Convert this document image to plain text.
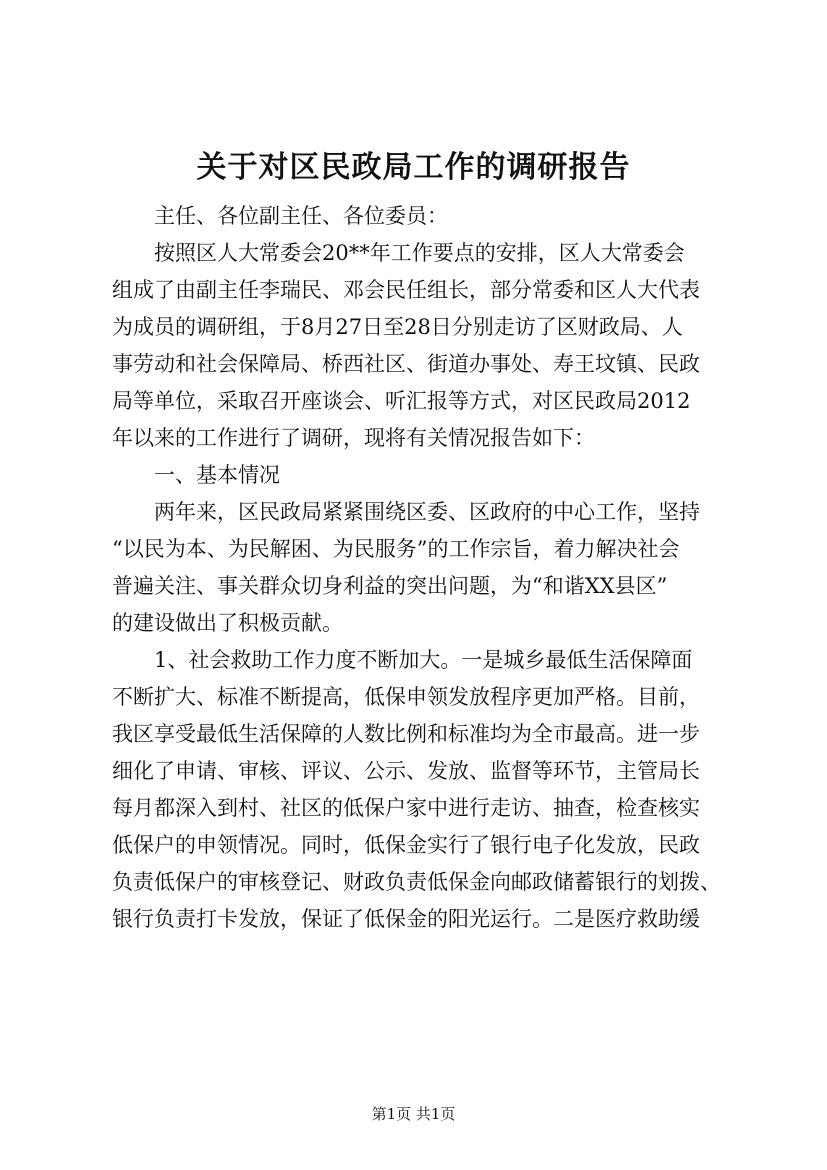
关于对区民政局工作的调研报告
主任、各位副主任、各位委员：
按照区人大常委会20**年工作要点的安排，区人大常委会
组成了由副主任李瑞民、邓会民任组长，部分常委和区人大代表
为成员的调研组，于8月27日至28日分别走访了区财政局、人
事劳动和社会保障局、桥西社区、街道办事处、寿王坟镇、民政
局等单位，采取召开座谈会、听汇报等方式，对区民政局2012
年以来的工作进行了调研，现将有关情况报告如下：
一、基本情况
两年来，区民政局紧紧围绕区委、区政府的中心工作，坚持
“以民为本、为民解困、为民服务”的工作宗旨，着力解决社会
普遍关注、事关群众切身利益的突出问题，为“和谐XX县区”
的建设做出了积极贡献。
1、社会救助工作力度不断加大。一是城乡最低生活保障面
不断扩大、标准不断提高，低保申领发放程序更加严格。目前，
我区享受最低生活保障的人数比例和标准均为全市最高。进一步
细化了申请、审核、评议、公示、发放、监督等环节，主管局长
每月都深入到村、社区的低保户家中进行走访、抽查，检查核实
低保户的申领情况。同时，低保金实行了银行电子化发放，民政
负责低保户的审核登记、财政负责低保金向邮政储蓄银行的划拨、
银行负责打卡发放，保证了低保金的阳光运行。二是医疗救助缓
第1页 共1页
